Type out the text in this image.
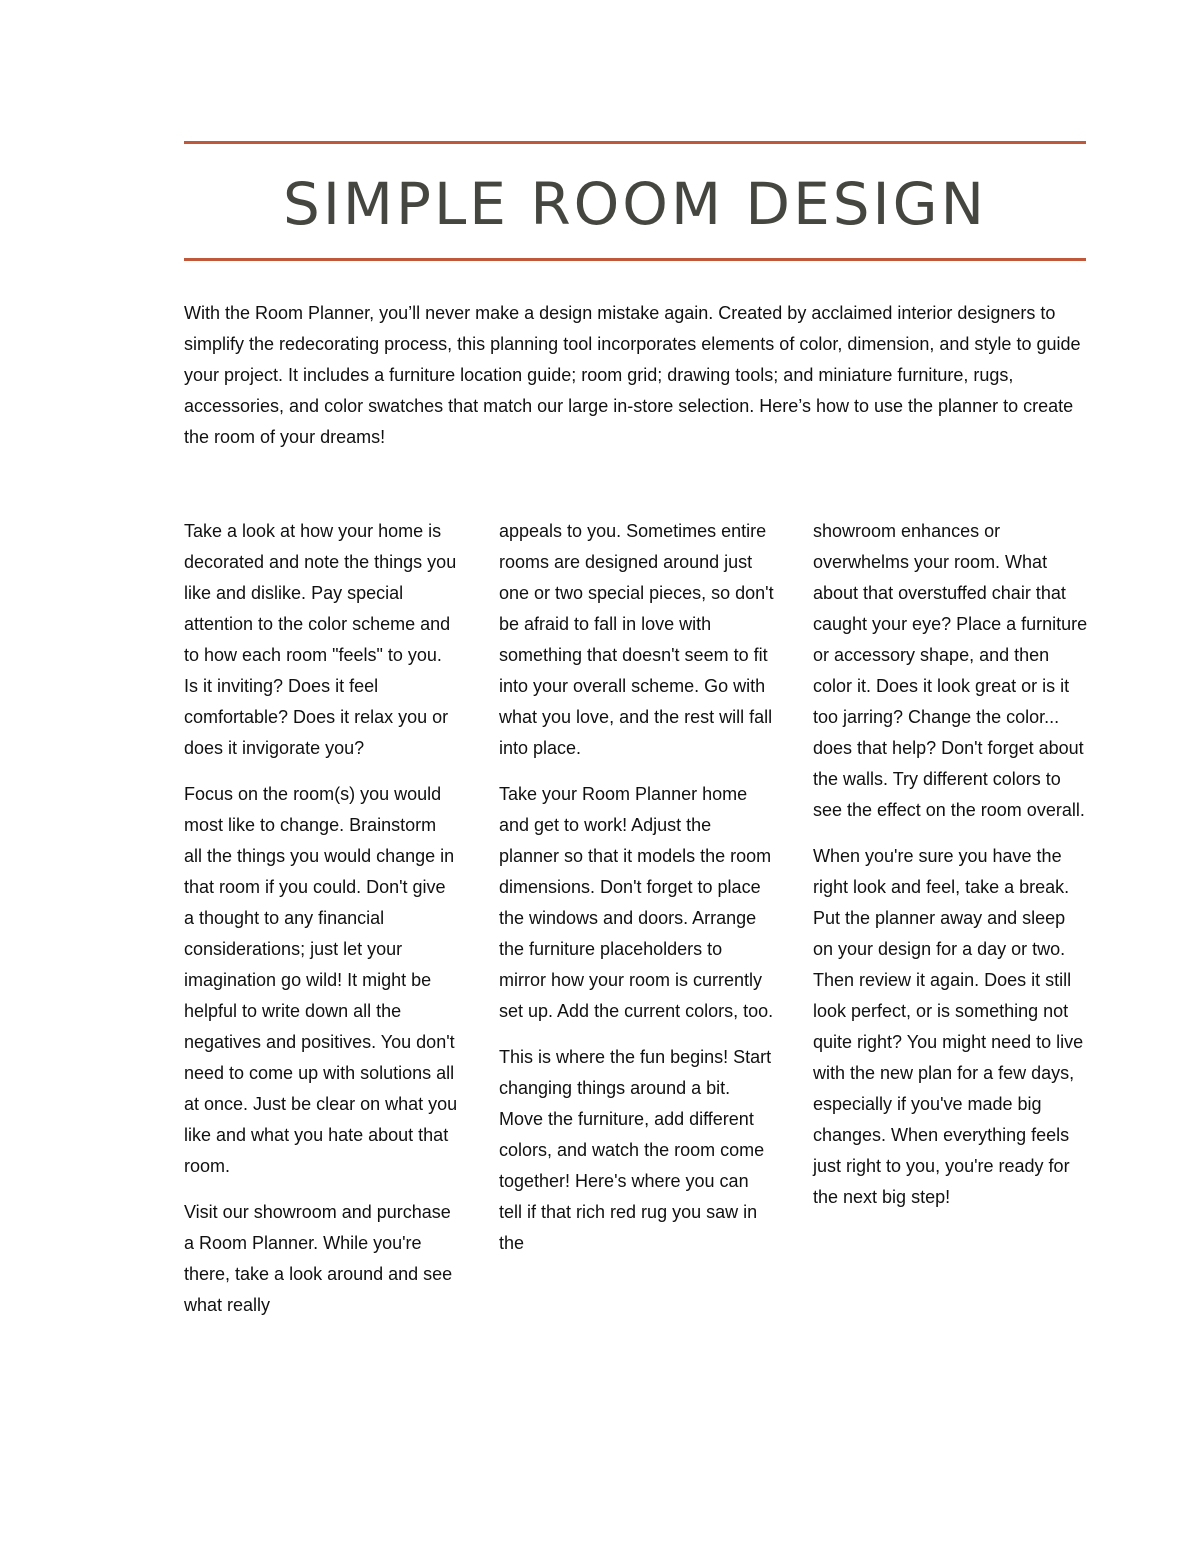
SIMPLE ROOM DESIGN

With the Room Planner, you’ll never make a design mistake again. Created by acclaimed interior designers to simplify the redecorating process, this planning tool incorporates elements of color, dimension, and style to guide your project. It includes a furniture location guide; room grid; drawing tools; and miniature furniture, rugs, accessories, and color swatches that match our large in-store selection. Here’s how to use the planner to create the room of your dreams!

Take a look at how your home is decorated and note the things you like and dislike. Pay special attention to the color scheme and to how each room "feels" to you. Is it inviting? Does it feel comfortable? Does it relax you or does it invigorate you?

Focus on the room(s) you would most like to change. Brainstorm all the things you would change in that room if you could. Don't give a thought to any financial considerations; just let your imagination go wild! It might be helpful to write down all the negatives and positives. You don't need to come up with solutions all at once. Just be clear on what you like and what you hate about that room.

Visit our showroom and purchase a Room Planner. While you're there, take a look around and see what really

appeals to you. Sometimes entire rooms are designed around just one or two special pieces, so don't be afraid to fall in love with something that doesn't seem to fit into your overall scheme. Go with what you love, and the rest will fall into place.

Take your Room Planner home and get to work! Adjust the planner so that it models the room dimensions. Don't forget to place the windows and doors. Arrange the furniture placeholders to mirror how your room is currently set up. Add the current colors, too.

This is where the fun begins! Start changing things around a bit. Move the furniture, add different colors, and watch the room come together! Here's where you can tell if that rich red rug you saw in the

showroom enhances or overwhelms your room. What about that overstuffed chair that caught your eye? Place a furniture or accessory shape, and then color it. Does it look great or is it too jarring? Change the color... does that help? Don't forget about the walls. Try different colors to see the effect on the room overall.

When you're sure you have the right look and feel, take a break. Put the planner away and sleep on your design for a day or two. Then review it again. Does it still look perfect, or is something not quite right? You might need to live with the new plan for a few days, especially if you've made big changes. When everything feels just right to you, you're ready for the next big step!
